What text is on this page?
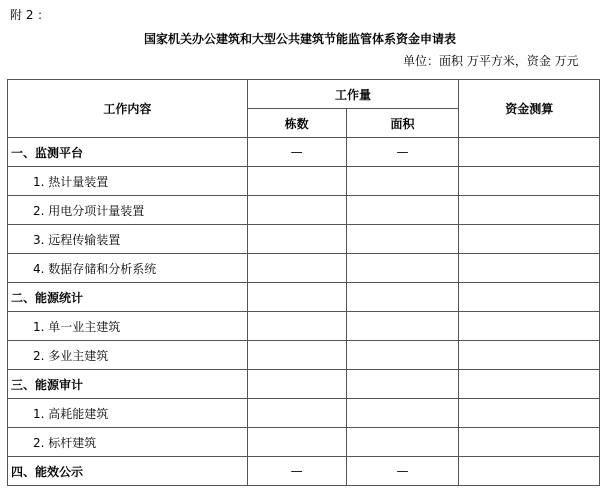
附 2 ：
国家机关办公建筑和大型公共建筑节能监管体系资金申请表
单位：面积 万平方米，资金 万元
工作内容	工作量		资金测算
	栋数	面积	
一、监测平台	—	—	
1. 热计量装置			
2. 用电分项计量装置			
3. 远程传输装置			
4. 数据存储和分析系统			
二、能源统计			
1. 单一业主建筑			
2. 多业主建筑			
三、能源审计			
1. 高耗能建筑			
2. 标杆建筑			
四、能效公示	—	—	
